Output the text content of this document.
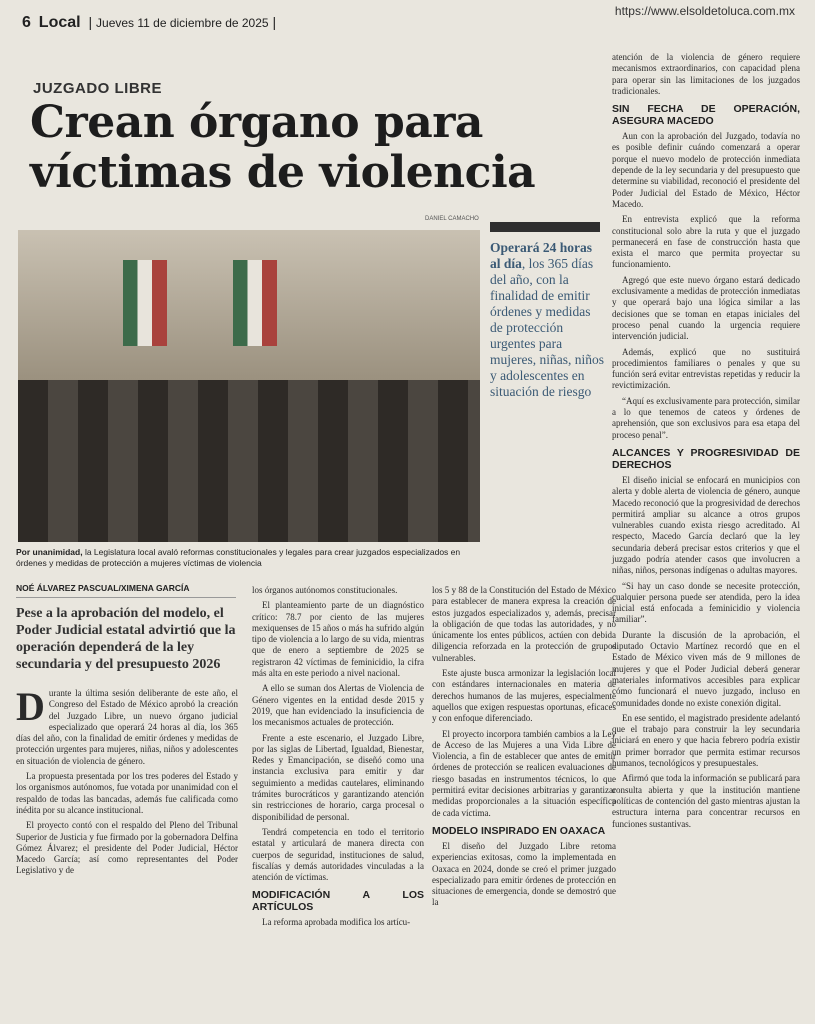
6 Local | Jueves 11 de diciembre de 2025 |
https://www.elsoldetoluca.com.mx
JUZGADO LIBRE
Crean órgano para víctimas de violencia
DANIEL CAMACHO
Operará 24 horas al día, los 365 días del año, con la finalidad de emitir órdenes y medidas de protección urgentes para mujeres, niñas, niños y adolescentes en situación de riesgo
Por unanimidad, la Legislatura local avaló reformas constitucionales y legales para crear juzgados especializados en órdenes y medidas de protección a mujeres víctimas de violencia
NOÉ ÁLVAREZ PASCUAL/XIMENA GARCÍA
Pese a la aprobación del modelo, el Poder Judicial estatal advirtió que la operación dependerá de la ley secundaria y del presupuesto 2026

Durante la última sesión deliberante de este año, el Congreso del Estado de México aprobó la creación del Juzgado Libre, un nuevo órgano judicial especializado que operará 24 horas al día, los 365 días del año, con la finalidad de emitir órdenes y medidas de protección urgentes para mujeres, niñas, niños y adolescentes en situación de violencia de género.

La propuesta presentada por los tres poderes del Estado y los organismos autónomos, fue votada por unanimidad con el respaldo de todas las bancadas, además fue calificada como inédita por su alcance institucional.

El proyecto contó con el respaldo del Pleno del Tribunal Superior de Justicia y fue firmado por la gobernadora Delfina Gómez Álvarez; el presidente del Poder Judicial, Héctor Macedo García; así como representantes del Poder Legislativo y de

los órganos autónomos constitucionales.

El planteamiento parte de un diagnóstico crítico: 78.7 por ciento de las mujeres mexiquenses de 15 años o más ha sufrido algún tipo de violencia a lo largo de su vida, mientras que de enero a septiembre de 2025 se registraron 42 víctimas de feminicidio, la cifra más alta en este periodo a nivel nacional.

A ello se suman dos Alertas de Violencia de Género vigentes en la entidad desde 2015 y 2019, que han evidenciado la insuficiencia de los mecanismos actuales de protección.

Frente a este escenario, el Juzgado Libre, por las siglas de Libertad, Igualdad, Bienestar, Redes y Emancipación, se diseñó como una instancia exclusiva para emitir y dar seguimiento a medidas cautelares, eliminando trámites burocráticos y garantizando atención sin restricciones de horario, carga procesal o disponibilidad de personal.

Tendrá competencia en todo el territorio estatal y articulará de manera directa con cuerpos de seguridad, instituciones de salud, fiscalías y demás autoridades vinculadas a la atención de víctimas.

MODIFICACIÓN A LOS ARTÍCULOS

La reforma aprobada modifica los artícu-

los 5 y 88 de la Constitución del Estado de México para establecer de manera expresa la creación de estos juzgados especializados y, además, precisar la obligación de que todas las autoridades, y no únicamente los entes públicos, actúen con debida diligencia reforzada en la protección de grupos vulnerables.

Este ajuste busca armonizar la legislación local con estándares internacionales en materia de derechos humanos de las mujeres, especialmente aquellos que exigen respuestas oportunas, eficaces y con enfoque diferenciado.

El proyecto incorpora también cambios a la Ley de Acceso de las Mujeres a una Vida Libre de Violencia, a fin de establecer que antes de emitir órdenes de protección se realicen evaluaciones de riesgo basadas en instrumentos técnicos, lo que permitirá evitar decisiones arbitrarias y garantizar medidas proporcionales a la situación específica de cada víctima.

MODELO INSPIRADO EN OAXACA

El diseño del Juzgado Libre retoma experiencias exitosas, como la implementada en Oaxaca en 2024, donde se creó el primer juzgado especializado para emitir órdenes de protección en situaciones de emergencia, donde se demostró que la

atención de la violencia de género requiere mecanismos extraordinarios, con capacidad plena para operar sin las limitaciones de los juzgados tradicionales.

SIN FECHA DE OPERACIÓN, ASEGURA MACEDO

Aun con la aprobación del Juzgado, todavía no es posible definir cuándo comenzará a operar porque el nuevo modelo de protección inmediata depende de la ley secundaria y del presupuesto que determine su viabilidad, reconoció el presidente del Poder Judicial del Estado de México, Héctor Macedo.

En entrevista explicó que la reforma constitucional solo abre la ruta y que el juzgado permanecerá en fase de construcción hasta que exista el marco que permita proyectar su funcionamiento.

Agregó que este nuevo órgano estará dedicado exclusivamente a medidas de protección inmediatas y que operará bajo una lógica similar a las decisiones que se toman en etapas iniciales del proceso penal cuando la urgencia requiere intervención judicial.

Además, explicó que no sustituirá procedimientos familiares o penales y que su función será evitar entrevistas repetidas y reducir la revictimización.

“Aquí es exclusivamente para protección, similar a lo que tenemos de cateos y órdenes de aprehensión, que son exclusivos para esa etapa del proceso penal”.

ALCANCES Y PROGRESIVIDAD DE DERECHOS

El diseño inicial se enfocará en municipios con alerta y doble alerta de violencia de género, aunque Macedo reconoció que la progresividad de derechos permitirá ampliar su alcance a otros grupos vulnerables cuando exista riesgo acreditado. Al respecto, Macedo García declaró que la ley secundaria deberá precisar estos criterios y que el juzgado podría atender casos que involucren a niñas, niños, personas indígenas o adultas mayores.

“Si hay un caso donde se necesite protección, cualquier persona puede ser atendida, pero la idea inicial está enfocada a feminicidio y violencia familiar”.

Durante la discusión de la aprobación, el diputado Octavio Martínez recordó que en el Estado de México viven más de 9 millones de mujeres y que el Poder Judicial deberá generar materiales informativos accesibles para explicar cómo funcionará el nuevo juzgado, incluso en comunidades donde no existe conexión digital.

En ese sentido, el magistrado presidente adelantó que el trabajo para construir la ley secundaria iniciará en enero y que hacia febrero podría existir un primer borrador que permita estimar recursos humanos, tecnológicos y presupuestales.

Afirmó que toda la información se publicará para consulta abierta y que la institución mantiene políticas de contención del gasto mientras ajustan la estructura interna para concentrar recursos en funciones sustantivas.
